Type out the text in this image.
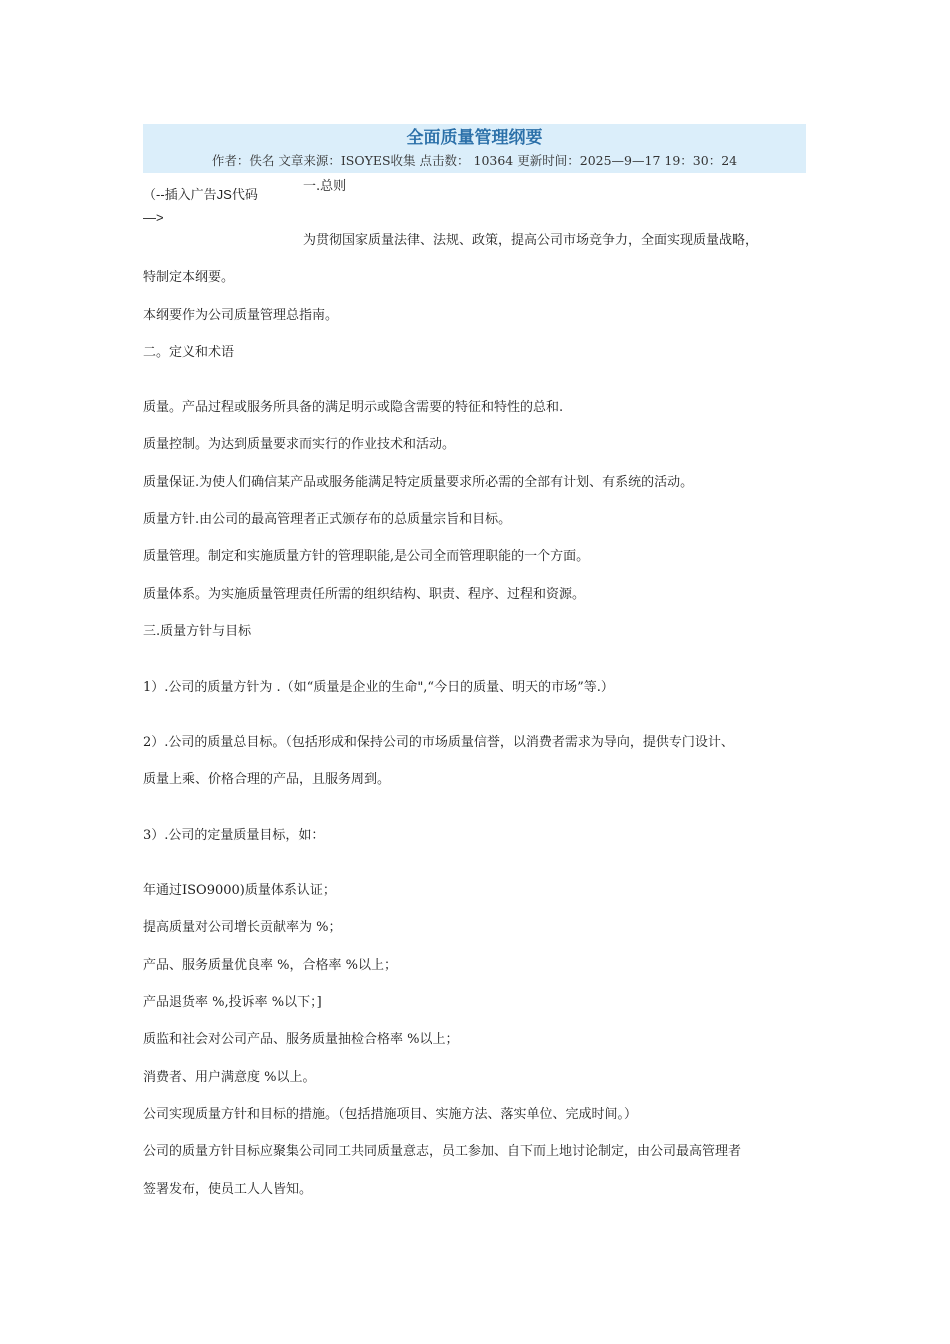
全面质量管理纲要
作者：佚名 文章来源：ISOYES收集 点击数： 10364 更新时间：2025—9—17 19：30：24
（--插入广告JS代码
—>
一.总则
为贯彻国家质量法律、法规、政策，提高公司市场竞争力，全面实现质量战略，
特制定本纲要。
本纲要作为公司质量管理总指南。
二。定义和术语
质量。产品过程或服务所具备的满足明示或隐含需要的特征和特性的总和.
质量控制。为达到质量要求而实行的作业技术和活动。
质量保证.为使人们确信某产品或服务能满足特定质量要求所必需的全部有计划、有系统的活动。
质量方针.由公司的最高管理者正式颁存布的总质量宗旨和目标。
质量管理。制定和实施质量方针的管理职能,是公司全而管理职能的一个方面。
质量体系。为实施质量管理责任所需的组织结构、职责、程序、过程和资源。
三.质量方针与目标
1）.公司的质量方针为 .（如“质量是企业的生命",“今日的质量、明天的市场”等.）
2）.公司的质量总目标。（包括形成和保持公司的市场质量信誉，以消费者需求为导向，提供专门设计、
质量上乘、价格合理的产品，且服务周到。
3）.公司的定量质量目标，如：
年通过ISO9000)质量体系认证；
提高质量对公司增长贡献率为 %；
产品、服务质量优良率 %，合格率 %以上；
产品退货率 %,投诉率 %以下；]
质监和社会对公司产品、服务质量抽检合格率 %以上；
消费者、用户满意度 %以上。
公司实现质量方针和目标的措施。（包括措施项目、实施方法、落实单位、完成时间。）
公司的质量方针目标应聚集公司同工共同质量意志，员工参加、自下而上地讨论制定，由公司最高管理者
签署发布，使员工人人皆知。
